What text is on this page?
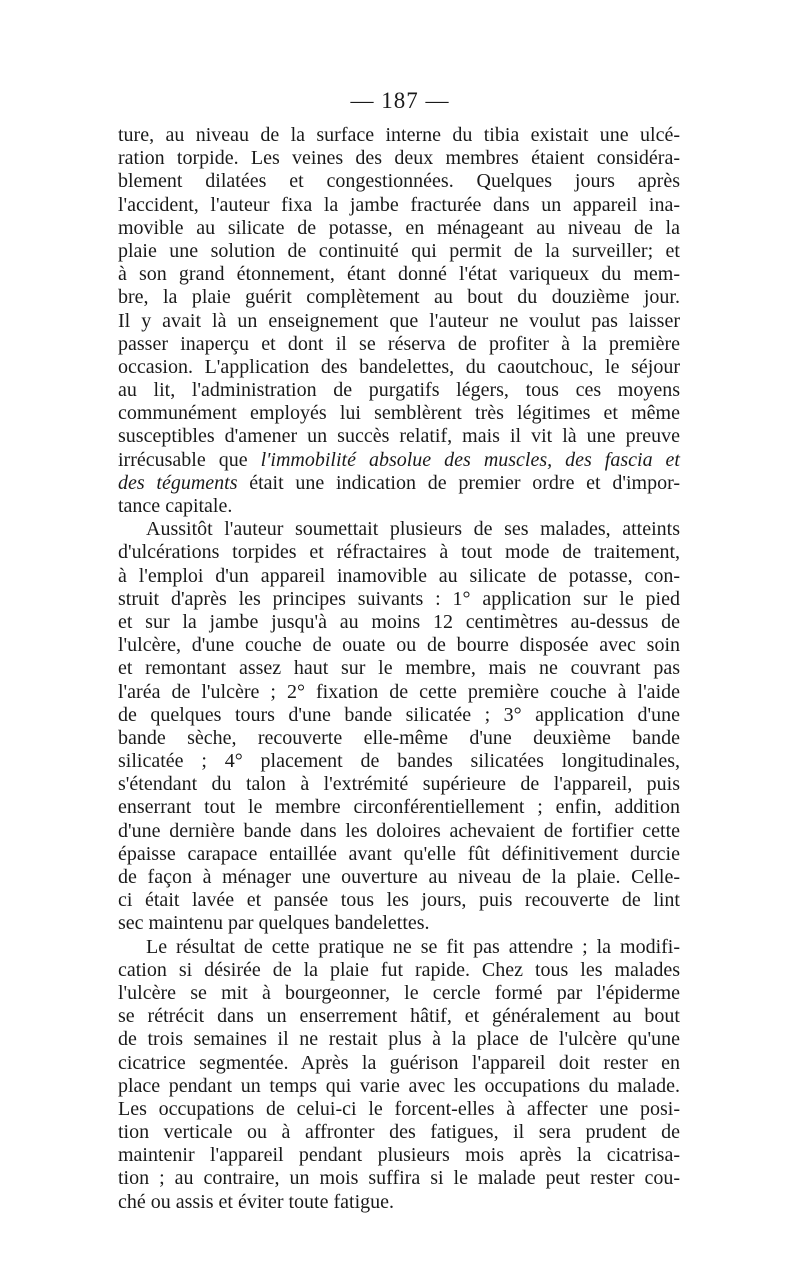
— 187 —
ture, au niveau de la surface interne du tibia existait une ulcé-
ration torpide. Les veines des deux membres étaient considéra-
blement dilatées et congestionnées. Quelques jours après
l'accident, l'auteur fixa la jambe fracturée dans un appareil ina-
movible au silicate de potasse, en ménageant au niveau de la
plaie une solution de continuité qui permit de la surveiller; et
à son grand étonnement, étant donné l'état variqueux du mem-
bre, la plaie guérit complètement au bout du douzième jour.
Il y avait là un enseignement que l'auteur ne voulut pas laisser
passer inaperçu et dont il se réserva de profiter à la première
occasion. L'application des bandelettes, du caoutchouc, le séjour
au lit, l'administration de purgatifs légers, tous ces moyens
communément employés lui semblèrent très légitimes et même
susceptibles d'amener un succès relatif, mais il vit là une preuve
irrécusable que l'immobilité absolue des muscles, des fascia et
des téguments était une indication de premier ordre et d'impor-
tance capitale.
Aussitôt l'auteur soumettait plusieurs de ses malades, atteints
d'ulcérations torpides et réfractaires à tout mode de traitement,
à l'emploi d'un appareil inamovible au silicate de potasse, con-
struit d'après les principes suivants : 1° application sur le pied
et sur la jambe jusqu'à au moins 12 centimètres au-dessus de
l'ulcère, d'une couche de ouate ou de bourre disposée avec soin
et remontant assez haut sur le membre, mais ne couvrant pas
l'aréa de l'ulcère ; 2° fixation de cette première couche à l'aide
de quelques tours d'une bande silicatée ; 3° application d'une
bande sèche, recouverte elle-même d'une deuxième bande
silicatée ; 4° placement de bandes silicatées longitudinales,
s'étendant du talon à l'extrémité supérieure de l'appareil, puis
enserrant tout le membre circonférentiellement ; enfin, addition
d'une dernière bande dans les doloires achevaient de fortifier cette
épaisse carapace entaillée avant qu'elle fût définitivement durcie
de façon à ménager une ouverture au niveau de la plaie. Celle-
ci était lavée et pansée tous les jours, puis recouverte de lint
sec maintenu par quelques bandelettes.
Le résultat de cette pratique ne se fit pas attendre ; la modifi-
cation si désirée de la plaie fut rapide. Chez tous les malades
l'ulcère se mit à bourgeonner, le cercle formé par l'épiderme
se rétrécit dans un enserrement hâtif, et généralement au bout
de trois semaines il ne restait plus à la place de l'ulcère qu'une
cicatrice segmentée. Après la guérison l'appareil doit rester en
place pendant un temps qui varie avec les occupations du malade.
Les occupations de celui-ci le forcent-elles à affecter une posi-
tion verticale ou à affronter des fatigues, il sera prudent de
maintenir l'appareil pendant plusieurs mois après la cicatrisa-
tion ; au contraire, un mois suffira si le malade peut rester cou-
ché ou assis et éviter toute fatigue.
